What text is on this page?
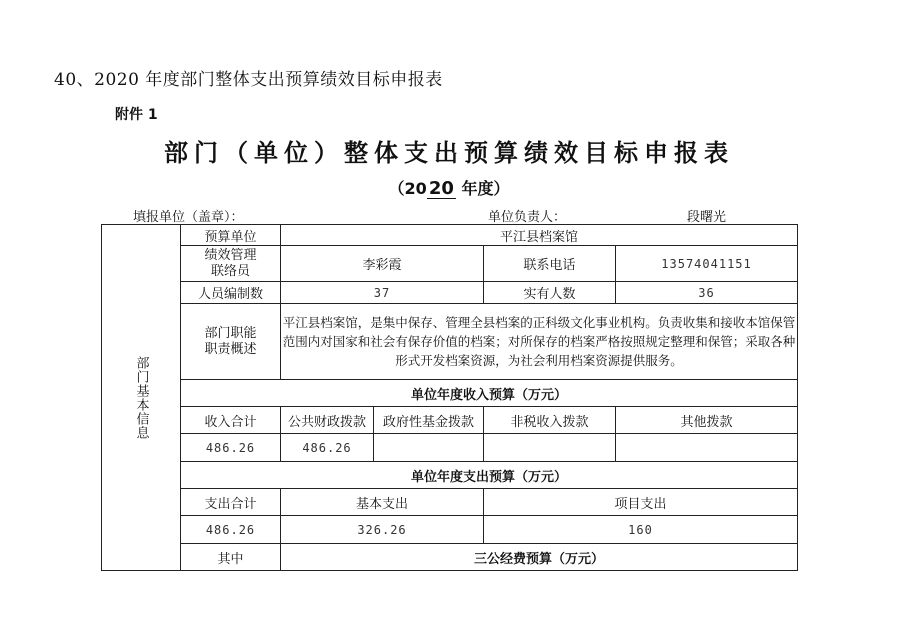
40、2020 年度部门整体支出预算绩效目标申报表
附件 1
部门（单位）整体支出预算绩效目标申报表
（20 20 年度）
填报单位（盖章）：	单位负责人：	段曙光
部门基本信息	预算单位	平江县档案馆			
	绩效管理
联络员	李彩霞		联系电话	13574041151
	人员编制数	37		实有人数	36
	部门职能
职责概述	平江县档案馆，是集中保存、管理全县档案的正科级文化事业机构。负责收集和接收本馆保管范围内对国家和社会有保存价值的档案；对所保存的档案严格按照规定整理和保管；采取各种形式开发档案资源，为社会利用档案资源提供服务。			
	单位年度收入预算（万元）				
	收入合计	公共财政拨款	政府性基金拨款	非税收入拨款	其他拨款
	486.26	486.26			
	单位年度支出预算（万元）				
	支出合计	基本支出		项目支出	
	486.26	326.26		160	
	其中	三公经费预算（万元）			
